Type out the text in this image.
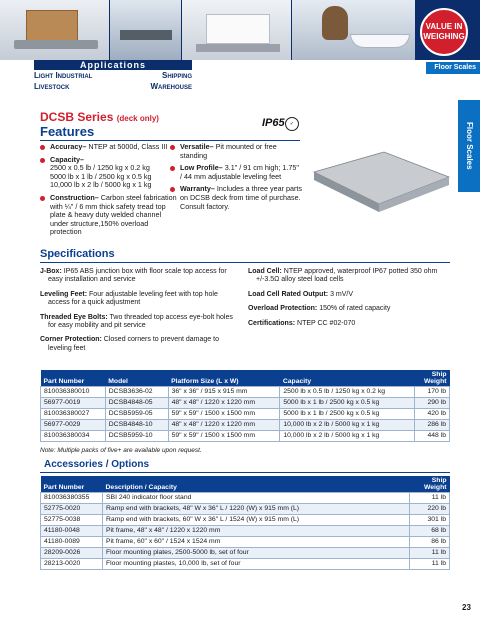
VALUE IN
WEIGHING
Applications
Light Industrial	Shipping
Livestock	Warehouse
Floor Scales
Floor Scales
DCSB Series (deck only)
Features
IP65	✓
Accuracy– NTEP at 5000d, Class III
Capacity–
2500 x 0.5 lb / 1250 kg x 0.2 kg
5000 lb x 1 lb / 2500 kg x 0.5 kg
10,000 lb x 2 lb / 5000 kg x 1 kg
Construction– Carbon steel fabrication with ¼" / 6 mm thick safety tread top plate & heavy duty welded channel under structure,150% overload protection
Versatile– Pit mounted or free standing
Low Profile– 3.1" / 91 cm high; 1.75" / 44 mm adjustable leveling feet
Warranty– Includes a three year parts on DCSB deck from time of purchase. Consult factory.
Specifications

J-Box: IP65 ABS junction box with floor scale top access for easy installation and service

Leveling Feet: Four adjustable leveling feet with top hole access for a quick adjustment

Threaded Eye Bolts: Two threaded top access eye-bolt holes for easy mobility and pit service

Corner Protection: Closed corners to prevent damage to leveling feet

Load Cell: NTEP approved, waterproof IP67 potted 350 ohm +/-3.5Ω alloy steel load cells

Load Cell Rated Output: 3 mV/V

Overload Protection: 150% of rated capacity

Certifications: NTEP CC #02-070

Part Number	Model	Platform Size (L x W)	Capacity	Ship
Weight
810036380010	DCSB3636-02	36" x 36" / 915 x 915 mm	2500 lb x 0.5 lb / 1250 kg x 0.2 kg	170 lb
56977-0019	DCSB4848-05	48" x 48" / 1220 x 1220 mm	5000 lb x 1 lb / 2500 kg x 0.5 kg	290 lb
810036380027	DCSB5959-05	59" x 59" / 1500 x 1500 mm	5000 lb x 1 lb / 2500 kg x 0.5 kg	420 lb
56977-0029	DCSB4848-10	48" x 48" / 1220 x 1220 mm	10,000 lb x 2 lb / 5000 kg x 1 kg	286 lb
810036380034	DCSB5959-10	59" x 59" / 1500 x 1500 mm	10,000 lb x 2 lb / 5000 kg x 1 kg	448 lb
Note: Multiple packs of five+ are available upon request.
Accessories / Options
Part Number	Description / Capacity	Ship
Weight
810036380355	SBI 240 indicator floor stand	11 lb
52775-0020	Ramp end with brackets, 48" W x 36" L / 1220 (W) x 915 mm (L)	220 lb
52775-0038	Ramp end with brackets, 60" W x 36" L / 1524 (W) x 915 mm (L)	301 lb
41180-0048	Pit frame, 48" x 48" / 1220 x 1220 mm	68 lb
41180-0089	Pit frame, 60" x 60" / 1524 x 1524 mm	86 lb
28209-0026	Floor mounting plates, 2500-5000 lb, set of four	11 lb
28213-0020	Floor mounting plastes, 10,000 lb, set of four	11 lb
23
